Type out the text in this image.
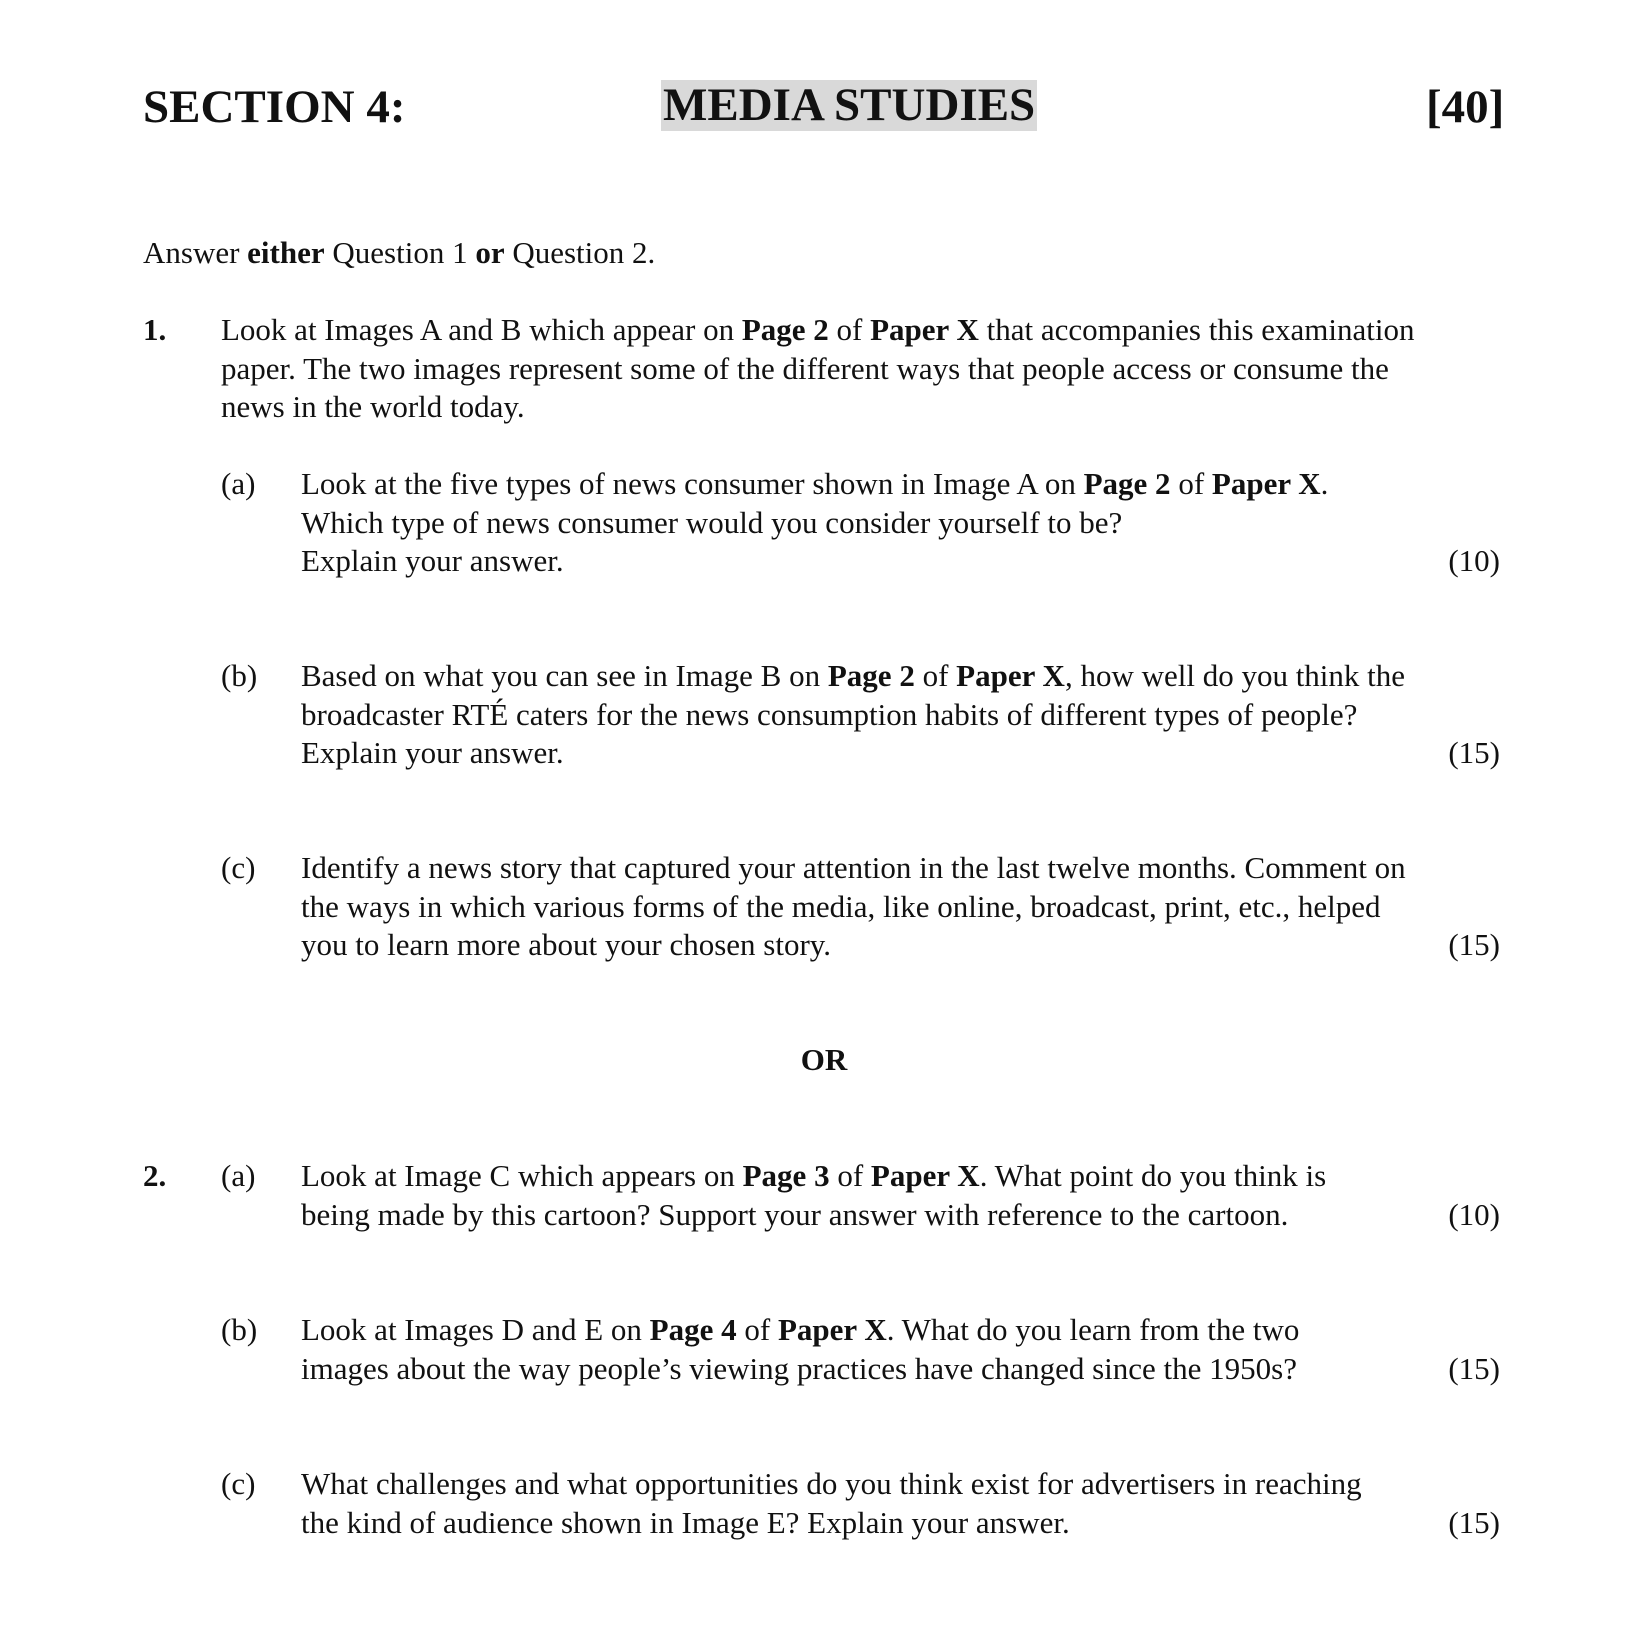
SECTION 4:	MEDIA STUDIES	[40]
Answer either Question 1 or Question 2.
1. Look at Images A and B which appear on Page 2 of Paper X that accompanies this examination
paper. The two images represent some of the different ways that people access or consume the
news in the world today.
(a) Look at the five types of news consumer shown in Image A on Page 2 of Paper X.
Which type of news consumer would you consider yourself to be?
Explain your answer.	(10)
(b) Based on what you can see in Image B on Page 2 of Paper X, how well do you think the
broadcaster RTÉ caters for the news consumption habits of different types of people?
Explain your answer.	(15)
(c) Identify a news story that captured your attention in the last twelve months. Comment on
the ways in which various forms of the media, like online, broadcast, print, etc., helped
you to learn more about your chosen story.	(15)
OR
2. (a) Look at Image C which appears on Page 3 of Paper X. What point do you think is
being made by this cartoon? Support your answer with reference to the cartoon.	(10)
(b) Look at Images D and E on Page 4 of Paper X. What do you learn from the two
images about the way people’s viewing practices have changed since the 1950s?	(15)
(c) What challenges and what opportunities do you think exist for advertisers in reaching
the kind of audience shown in Image E? Explain your answer.	(15)
